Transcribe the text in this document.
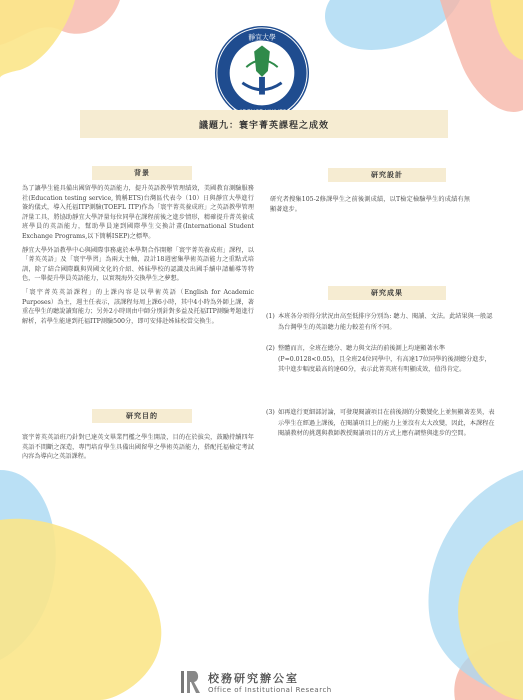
靜宜大學
議題九：寰宇菁英課程之成效
背景

為了讓學生能具備出國留學的英語能力，提升英語教學管理績效，美國教育測驗服務社(Education testing service, 簡稱ETS)台灣區代表今（10）日與靜宜大學進行簽約儀式，導入托福ITP測驗(TOEFL ITP)作為「寰宇菁英養成班」之英語教學管理評量工具，將協助靜宜大學評量每位同學在課程前後之進步情形，精確提升菁英養成班學員的英語能力，幫助學員達到國際學生交換計畫(International Student Exchange Programs,以下簡稱ISEP)之標準。

靜宜大學外語教學中心與國際事務處於本學期合作開辦「寰宇菁英養成班」課程，以「菁英英語」及「寰宇學習」為兩大主軸，設計18週密集學術英語能力之重點式培訓，除了結合國際觀與異國文化的介紹、姊妹學校的認識及出國手續申請輔導等特色，一舉提升學員英語能力，以實現海外交換學生之夢想。

「寰宇菁英英語課程」的上課內容是以學術英語（English for Academic Purposes）為主，週主任表示，該課程每周上課6小時，其中4小時為外師上課，著重在學生的聽說讀寫能力；另外2小時則由中師分別針對多益及托福ITP測驗考題進行解析，若學生能達到托福ITP測驗500分，即可安排赴姊妹校當交換生。

研究目的

寰宇菁英英語班乃針對已達英文畢業門檻之學生開設，目的在於拔尖，鼓勵持續四年英語不間斷之深造，專門培育學生具備出國留學之學術英語能力，搭配托福檢定考試內容為導向之英語課程。

研究設計

研究者搜集105-2修課學生之前後測成績，以T檢定檢驗學生的成績有無顯著進步。

研究成果
(1) 本班各分項得分狀況由高至低排序分別為: 聽力、閱讀、文法。此結果與一般認為台灣學生的英語聽力能力較差有所不同。
(2) 整體而言，全班在總分、聽力與文法的前後測上均達顯著水準(P=0.0128<0.05)，且全班24位同學中，有高達17位同學的後測總分進步，其中進步幅度最高的達60分，表示此菁英班有明顯成效，值得肯定。
(3) 如再進行更細部討論，可發現閱讀項目在前後測的分數變化上並無顯著差異，表示學生在經過上課後，在閱讀項目上的能力上並沒有太大改變，因此，本課程在閱讀教材的挑選與教師教授閱讀項目的方式上應有調整與進步的空間。
校務研究辦公室
Office of Institutional Research
